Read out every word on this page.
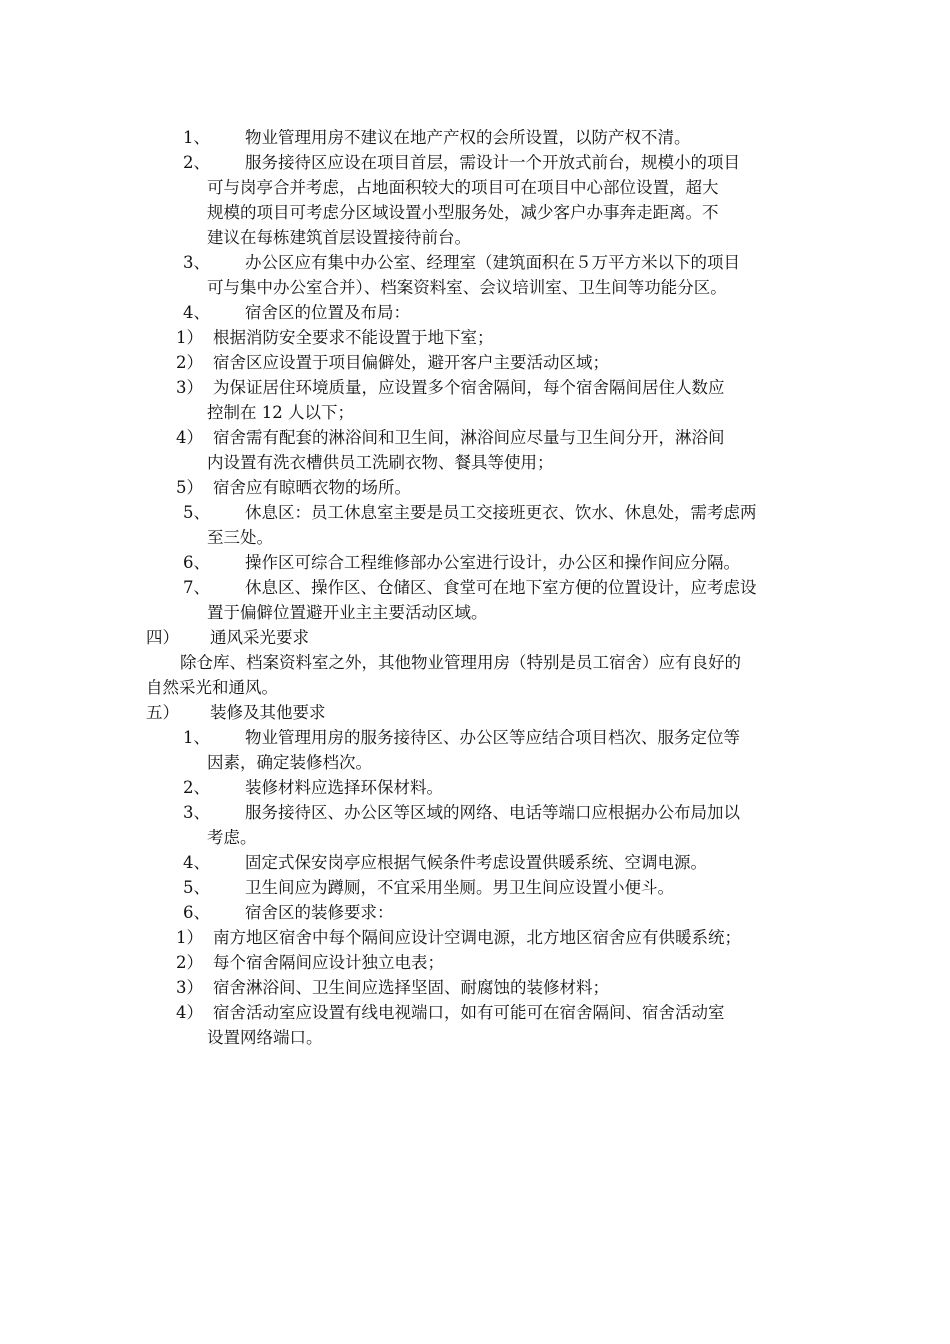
1、 物业管理用房不建议在地产产权的会所设置，以防产权不清。
2、 服务接待区应设在项目首层，需设计一个开放式前台，规模小的项目
可与岗亭合并考虑，占地面积较大的项目可在项目中心部位设置，超大
规模的项目可考虑分区域设置小型服务处，减少客户办事奔走距离。不
建议在每栋建筑首层设置接待前台。
3、 办公区应有集中办公室、经理室（建筑面积在５万平方米以下的项目
可与集中办公室合并）、档案资料室、会议培训室、卫生间等功能分区。
4、 宿舍区的位置及布局：
1） 根据消防安全要求不能设置于地下室；
2） 宿舍区应设置于项目偏僻处，避开客户主要活动区域；
3） 为保证居住环境质量，应设置多个宿舍隔间，每个宿舍隔间居住人数应
控制在 12 人以下；
4） 宿舍需有配套的淋浴间和卫生间，淋浴间应尽量与卫生间分开，淋浴间
内设置有洗衣槽供员工洗刷衣物、餐具等使用；
5） 宿舍应有晾晒衣物的场所。
5、 休息区：员工休息室主要是员工交接班更衣、饮水、休息处，需考虑两
至三处。
6、 操作区可综合工程维修部办公室进行设计，办公区和操作间应分隔。
7、 休息区、操作区、仓储区、食堂可在地下室方便的位置设计，应考虑设
置于偏僻位置避开业主主要活动区域。
四） 通风采光要求
除仓库、档案资料室之外，其他物业管理用房（特别是员工宿舍）应有良好的
自然采光和通风。
五） 装修及其他要求
1、 物业管理用房的服务接待区、办公区等应结合项目档次、服务定位等
因素，确定装修档次。
2、 装修材料应选择环保材料。
3、 服务接待区、办公区等区域的网络、电话等端口应根据办公布局加以
考虑。
4、 固定式保安岗亭应根据气候条件考虑设置供暖系统、空调电源。
5、 卫生间应为蹲厕，不宜采用坐厕。男卫生间应设置小便斗。
6、 宿舍区的装修要求：
1） 南方地区宿舍中每个隔间应设计空调电源，北方地区宿舍应有供暖系统；
2） 每个宿舍隔间应设计独立电表；
3） 宿舍淋浴间、卫生间应选择坚固、耐腐蚀的装修材料；
4） 宿舍活动室应设置有线电视端口，如有可能可在宿舍隔间、宿舍活动室
设置网络端口。
